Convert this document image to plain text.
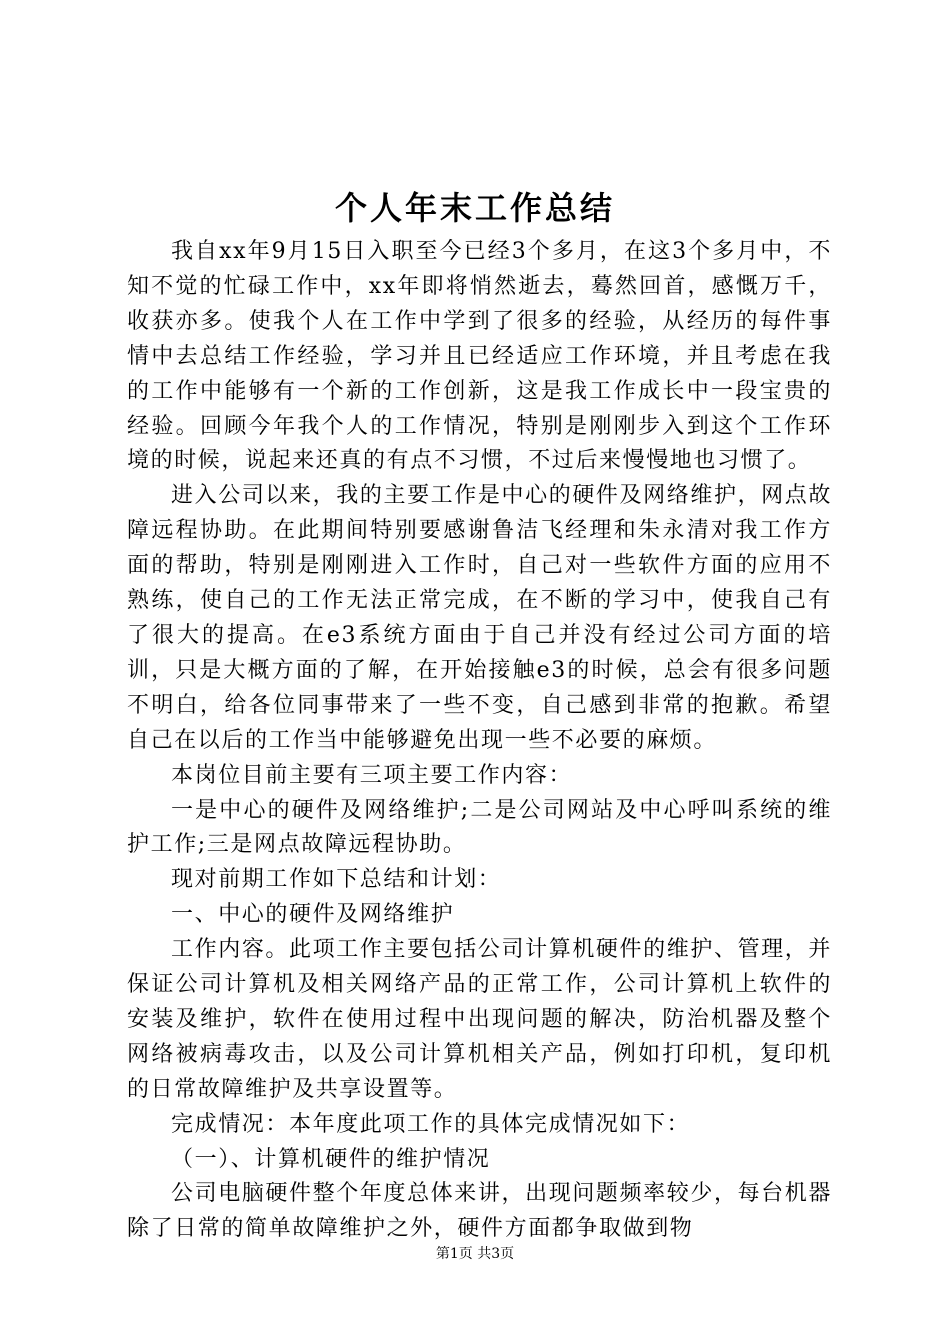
个人年末工作总结

我自xx年9月15日入职至今已经3个多月，在这3个多月中，不知不觉的忙碌工作中，xx年即将悄然逝去，蓦然回首，感慨万千，收获亦多。使我个人在工作中学到了很多的经验，从经历的每件事情中去总结工作经验，学习并且已经适应工作环境，并且考虑在我的工作中能够有一个新的工作创新，这是我工作成长中一段宝贵的经验。回顾今年我个人的工作情况，特别是刚刚步入到这个工作环境的时候，说起来还真的有点不习惯，不过后来慢慢地也习惯了。

进入公司以来，我的主要工作是中心的硬件及网络维护，网点故障远程协助。在此期间特别要感谢鲁洁飞经理和朱永清对我工作方面的帮助，特别是刚刚进入工作时，自己对一些软件方面的应用不熟练，使自己的工作无法正常完成，在不断的学习中，使我自己有了很大的提高。在e3系统方面由于自己并没有经过公司方面的培训，只是大概方面的了解，在开始接触e3的时候，总会有很多问题不明白，给各位同事带来了一些不变，自己感到非常的抱歉。希望自己在以后的工作当中能够避免出现一些不必要的麻烦。

本岗位目前主要有三项主要工作内容：

一是中心的硬件及网络维护;二是公司网站及中心呼叫系统的维护工作;三是网点故障远程协助。

现对前期工作如下总结和计划：

一、中心的硬件及网络维护

工作内容。此项工作主要包括公司计算机硬件的维护、管理，并保证公司计算机及相关网络产品的正常工作，公司计算机上软件的安装及维护，软件在使用过程中出现问题的解决，防治机器及整个网络被病毒攻击，以及公司计算机相关产品，例如打印机，复印机的日常故障维护及共享设置等。

完成情况：本年度此项工作的具体完成情况如下：

（一）、计算机硬件的维护情况

公司电脑硬件整个年度总体来讲，出现问题频率较少，每台机器除了日常的简单故障维护之外，硬件方面都争取做到物

第1页 共3页
